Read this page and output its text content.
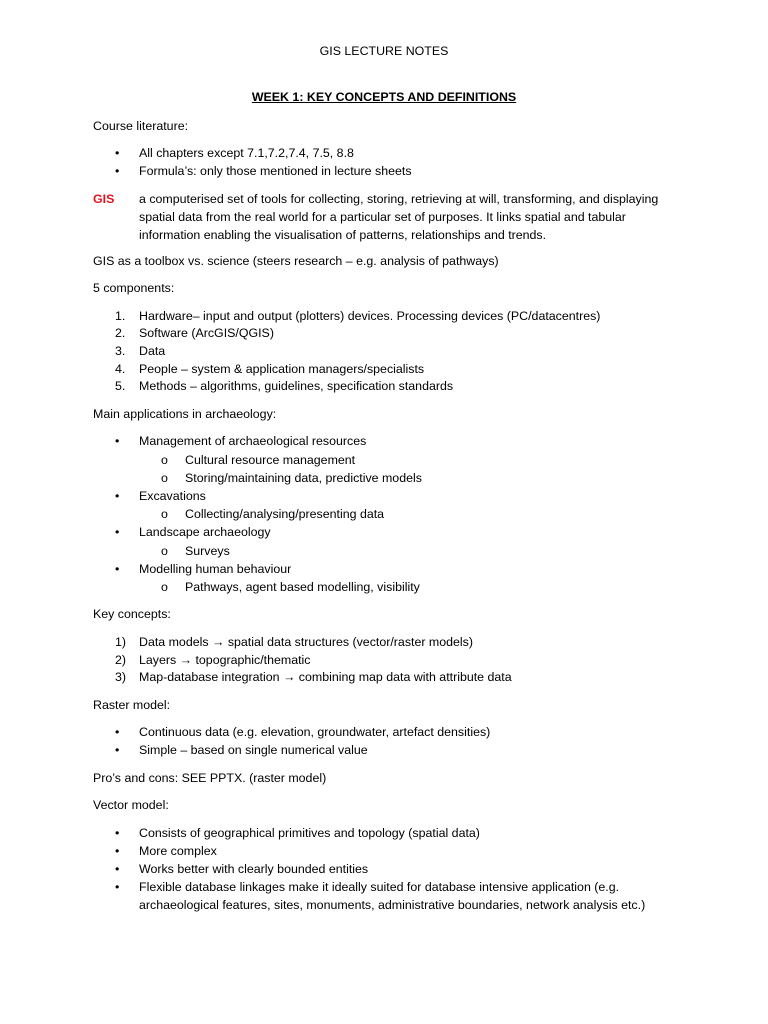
GIS LECTURE NOTES
WEEK 1: KEY CONCEPTS AND DEFINITIONS
Course literature:
• All chapters except 7.1,7.2,7.4, 7.5, 8.8
• Formula’s: only those mentioned in lecture sheets
GIS a computerised set of tools for collecting, storing, retrieving at will, transforming, and displaying spatial data from the real world for a particular set of purposes. It links spatial and tabular information enabling the visualisation of patterns, relationships and trends.
GIS as a toolbox vs. science (steers research – e.g. analysis of pathways)
5 components:
1. Hardware– input and output (plotters) devices. Processing devices (PC/datacentres)
2. Software (ArcGIS/QGIS)
3. Data
4. People – system & application managers/specialists
5. Methods – algorithms, guidelines, specification standards
Main applications in archaeology:
• Management of archaeological resources
o Cultural resource management
o Storing/maintaining data, predictive models
• Excavations
o Collecting/analysing/presenting data
• Landscape archaeology
o Surveys
• Modelling human behaviour
o Pathways, agent based modelling, visibility
Key concepts:
1) Data models → spatial data structures (vector/raster models)
2) Layers → topographic/thematic
3) Map-database integration → combining map data with attribute data
Raster model:
• Continuous data (e.g. elevation, groundwater, artefact densities)
• Simple – based on single numerical value
Pro’s and cons: SEE PPTX. (raster model)
Vector model:
• Consists of geographical primitives and topology (spatial data)
• More complex
• Works better with clearly bounded entities
• Flexible database linkages make it ideally suited for database intensive application (e.g. archaeological features, sites, monuments, administrative boundaries, network analysis etc.)
